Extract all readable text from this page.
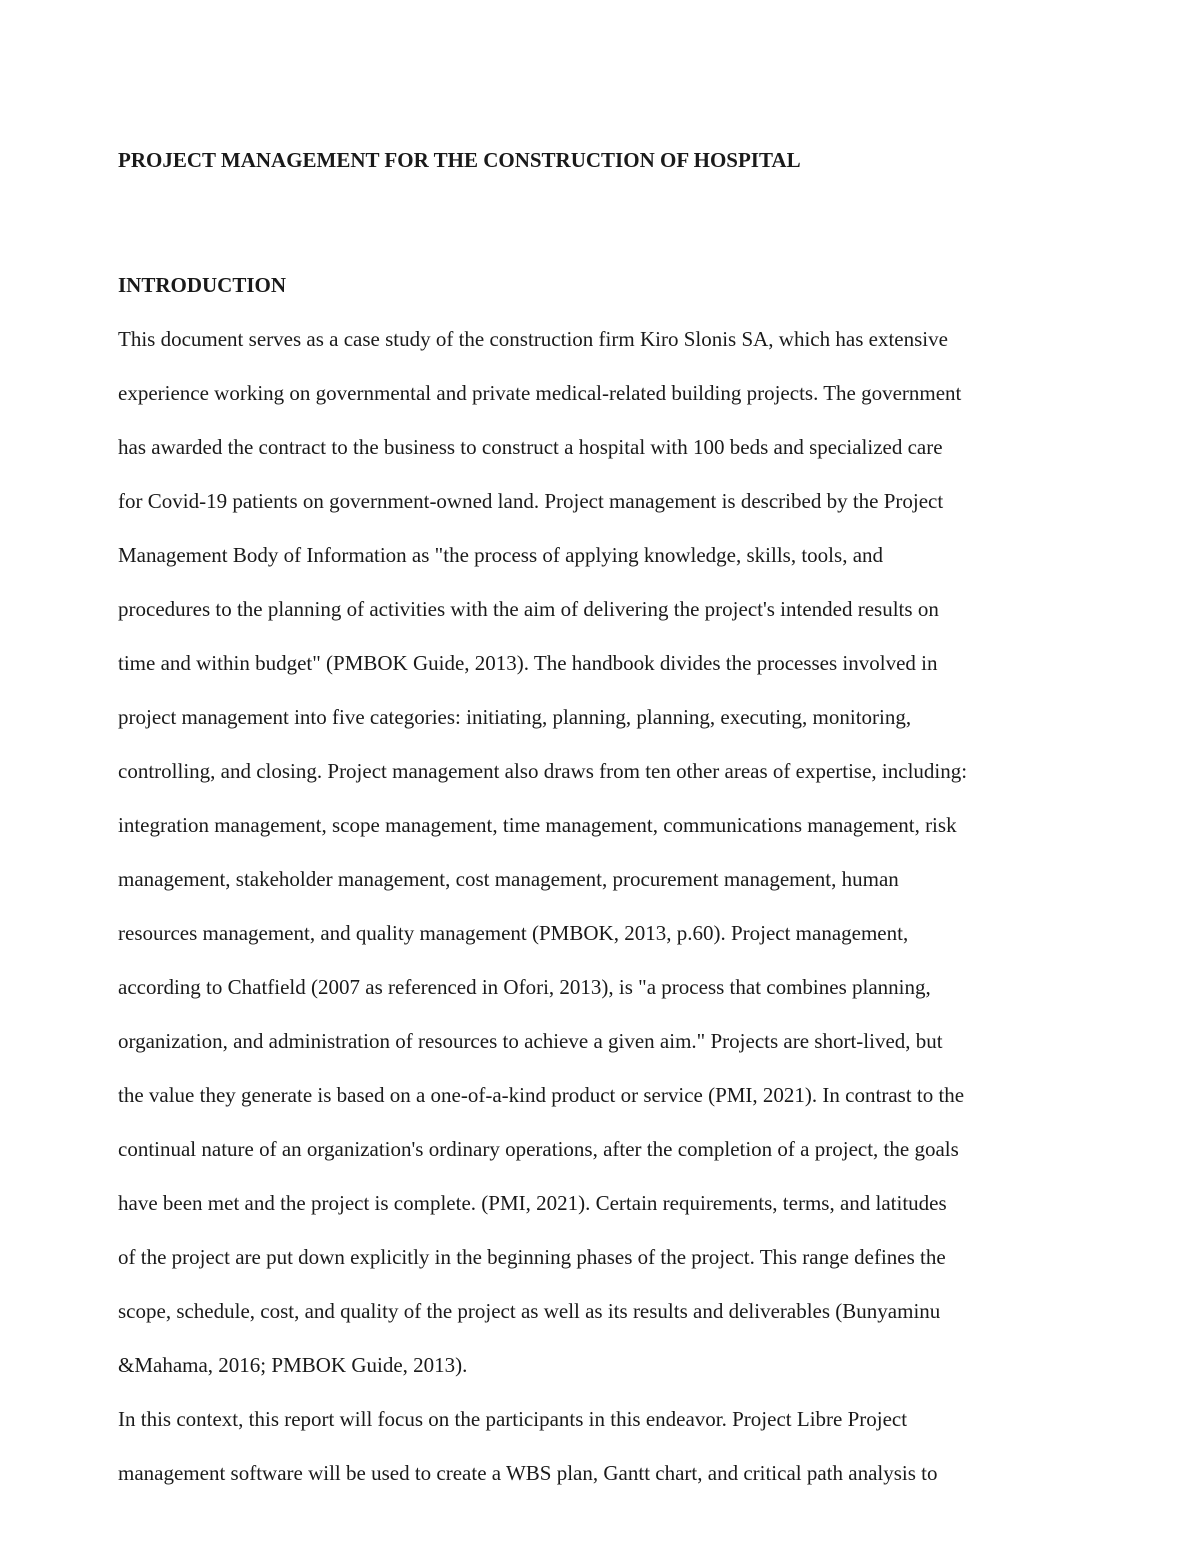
PROJECT MANAGEMENT FOR THE CONSTRUCTION OF HOSPITAL
INTRODUCTION

This document serves as a case study of the construction firm Kiro Slonis SA, which has extensive

experience working on governmental and private medical-related building projects. The government

has awarded the contract to the business to construct a hospital with 100 beds and specialized care

for Covid-19 patients on government-owned land. Project management is described by the Project

Management Body of Information as "the process of applying knowledge, skills, tools, and

procedures to the planning of activities with the aim of delivering the project's intended results on

time and within budget" (PMBOK Guide, 2013). The handbook divides the processes involved in

project management into five categories: initiating, planning, planning, executing, monitoring,

controlling, and closing. Project management also draws from ten other areas of expertise, including:

integration management, scope management, time management, communications management, risk

management, stakeholder management, cost management, procurement management, human

resources management, and quality management (PMBOK, 2013, p.60). Project management,

according to Chatfield (2007 as referenced in Ofori, 2013), is "a process that combines planning,

organization, and administration of resources to achieve a given aim." Projects are short-lived, but

the value they generate is based on a one-of-a-kind product or service (PMI, 2021). In contrast to the

continual nature of an organization's ordinary operations, after the completion of a project, the goals

have been met and the project is complete. (PMI, 2021). Certain requirements, terms, and latitudes

of the project are put down explicitly in the beginning phases of the project. This range defines the

scope, schedule, cost, and quality of the project as well as its results and deliverables (Bunyaminu

&Mahama, 2016; PMBOK Guide, 2013).

In this context, this report will focus on the participants in this endeavor. Project Libre Project

management software will be used to create a WBS plan, Gantt chart, and critical path analysis to
